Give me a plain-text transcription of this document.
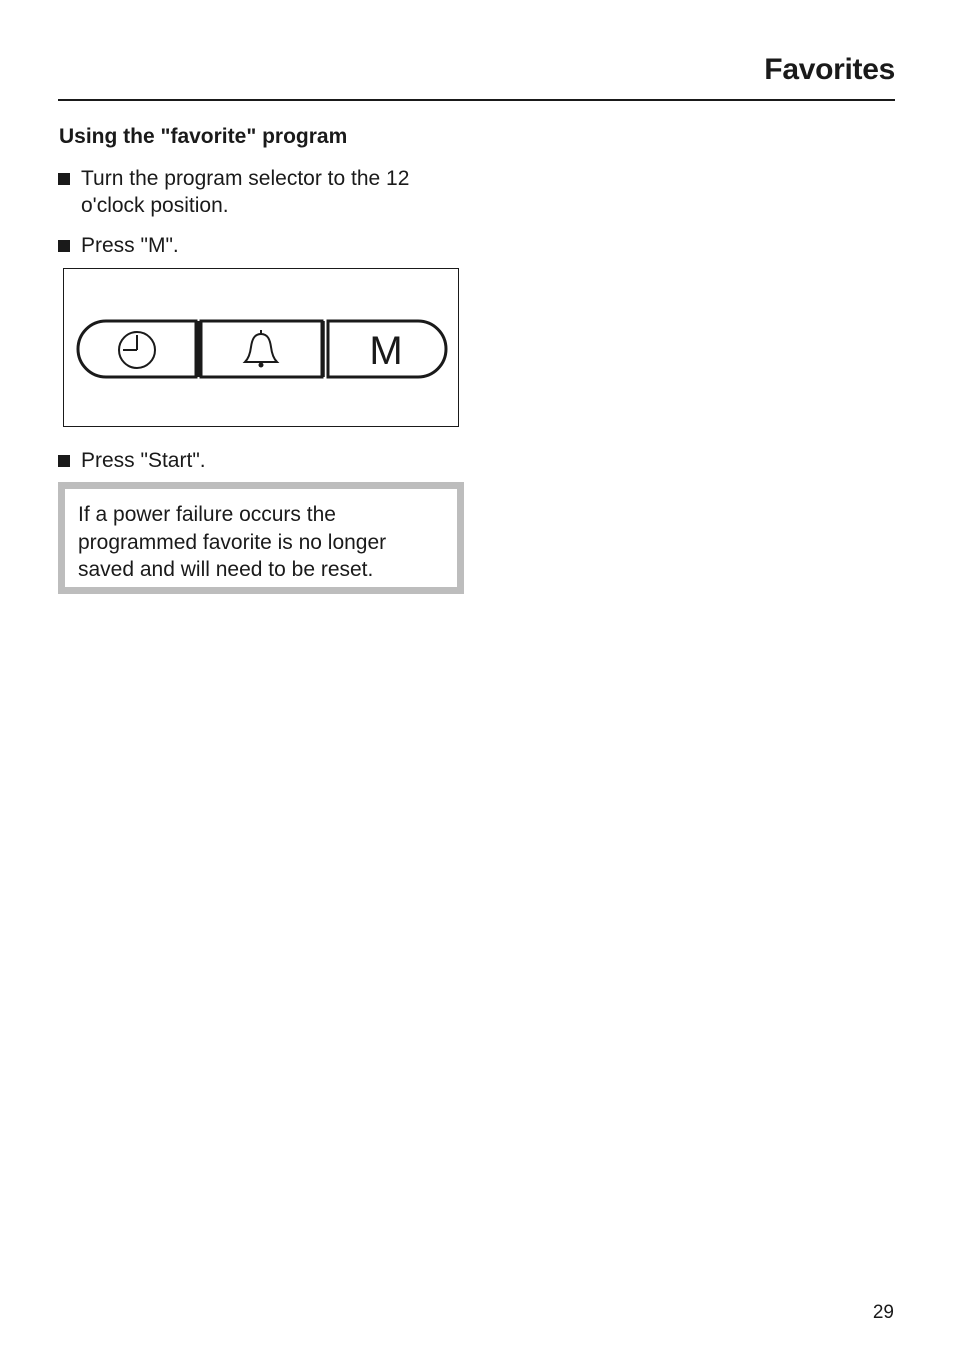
Favorites
Using the "favorite" program
Turn the program selector to the 12 o'clock position.
Press "M".
M
Press "Start".

If a power failure occurs the programmed favorite is no longer saved and will need to be reset.

29
